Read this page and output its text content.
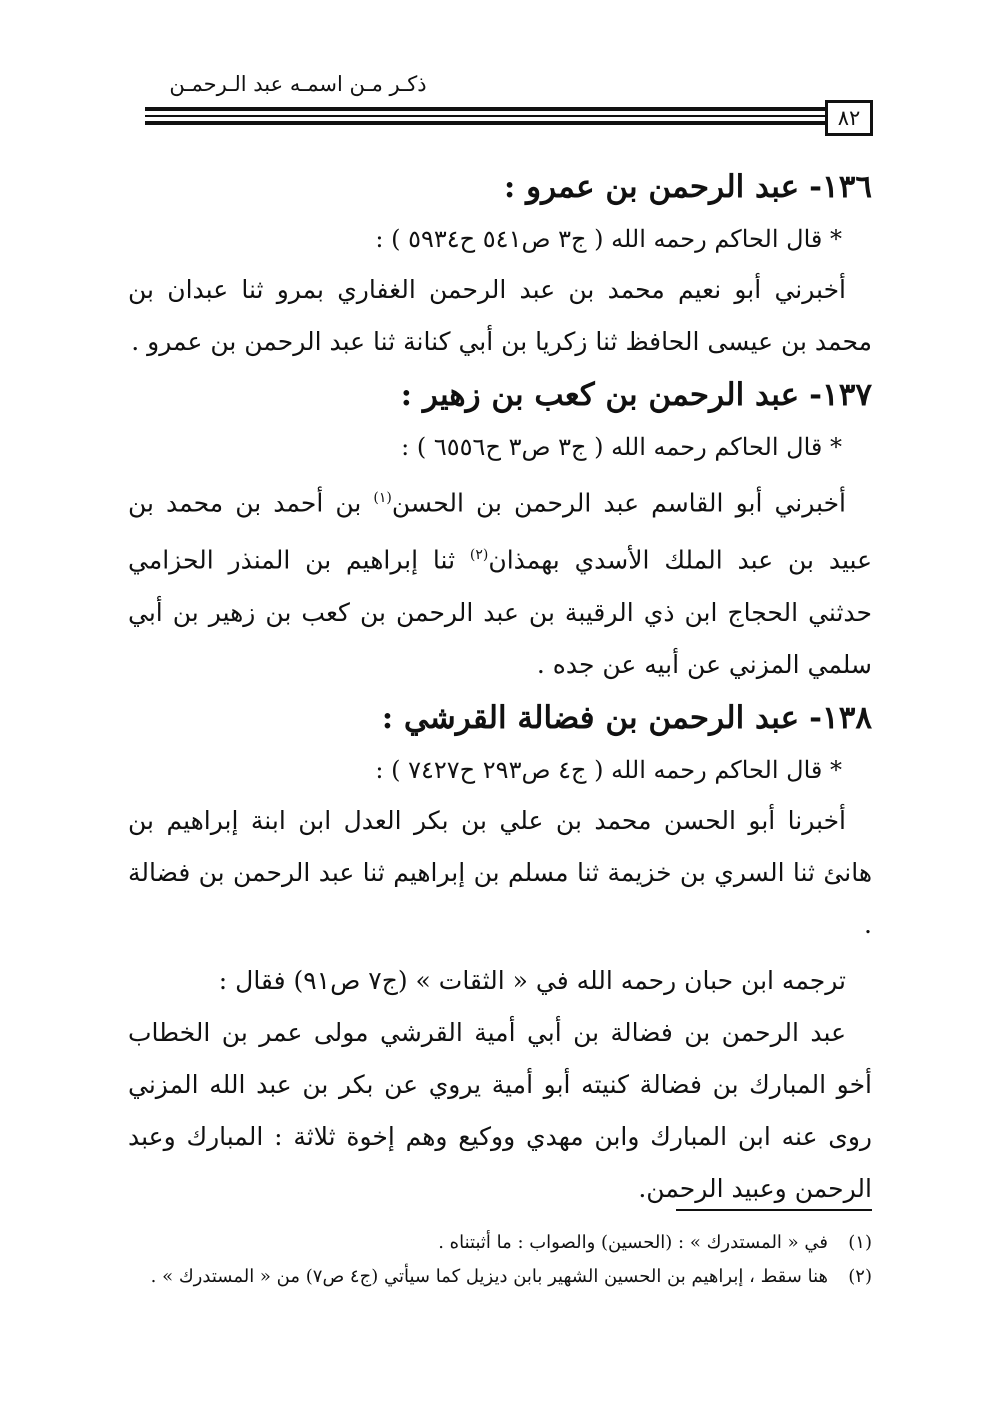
ذكـر مـن اسمـه عبد الـرحمـن
٨٢
١٣٦-عبد الرحمن بن عمرو :

* قال الحاكم رحمه الله ( ج٣ ص٥٤١ ح٥٩٣٤ ) :

أخبرني أبو نعيم محمد بن عبد الرحمن الغفاري بمرو ثنا عبدان بن محمد بن عيسى الحافظ ثنا زكريا بن أبي كنانة ثنا عبد الرحمن بن عمرو .

١٣٧-عبد الرحمن بن كعب بن زهير :

* قال الحاكم رحمه الله ( ج٣ ص٣ ح٦٥٥٦ ) :

أخبرني أبو القاسم عبد الرحمن بن الحسن$^{(١)}$ بن أحمد بن محمد بن عبيد بن عبد الملك الأسدي بهمذان$^{(٢)}$ ثنا إبراهيم بن المنذر الحزامي حدثني الحجاج ابن ذي الرقيبة بن عبد الرحمن بن كعب بن زهير بن أبي سلمي المزني عن أبيه عن جده .

١٣٨-عبد الرحمن بن فضالة القرشي :

* قال الحاكم رحمه الله ( ج٤ ص٢٩٣ ح٧٤٢٧ ) :

أخبرنا أبو الحسن محمد بن علي بن بكر العدل ابن ابنة إبراهيم بن هانئ ثنا السري بن خزيمة ثنا مسلم بن إبراهيم ثنا عبد الرحمن بن فضالة .

ترجمه ابن حبان رحمه الله في « الثقات » (ج٧ ص٩١) فقال :

عبد الرحمن بن فضالة بن أبي أمية القرشي مولى عمر بن الخطاب أخو المبارك بن فضالة كنيته أبو أمية يروي عن بكر بن عبد الله المزني روى عنه ابن المبارك وابن مهدي ووكيع وهم إخوة ثلاثة : المبارك وعبد الرحمن وعبيد الرحمن.

(١)
في « المستدرك » : (الحسين) والصواب : ما أثبتناه .
(٢)
هنا سقط ، إبراهيم بن الحسين الشهير بابن ديزيل كما سيأتي (ج٤ ص٧) من « المستدرك » .
